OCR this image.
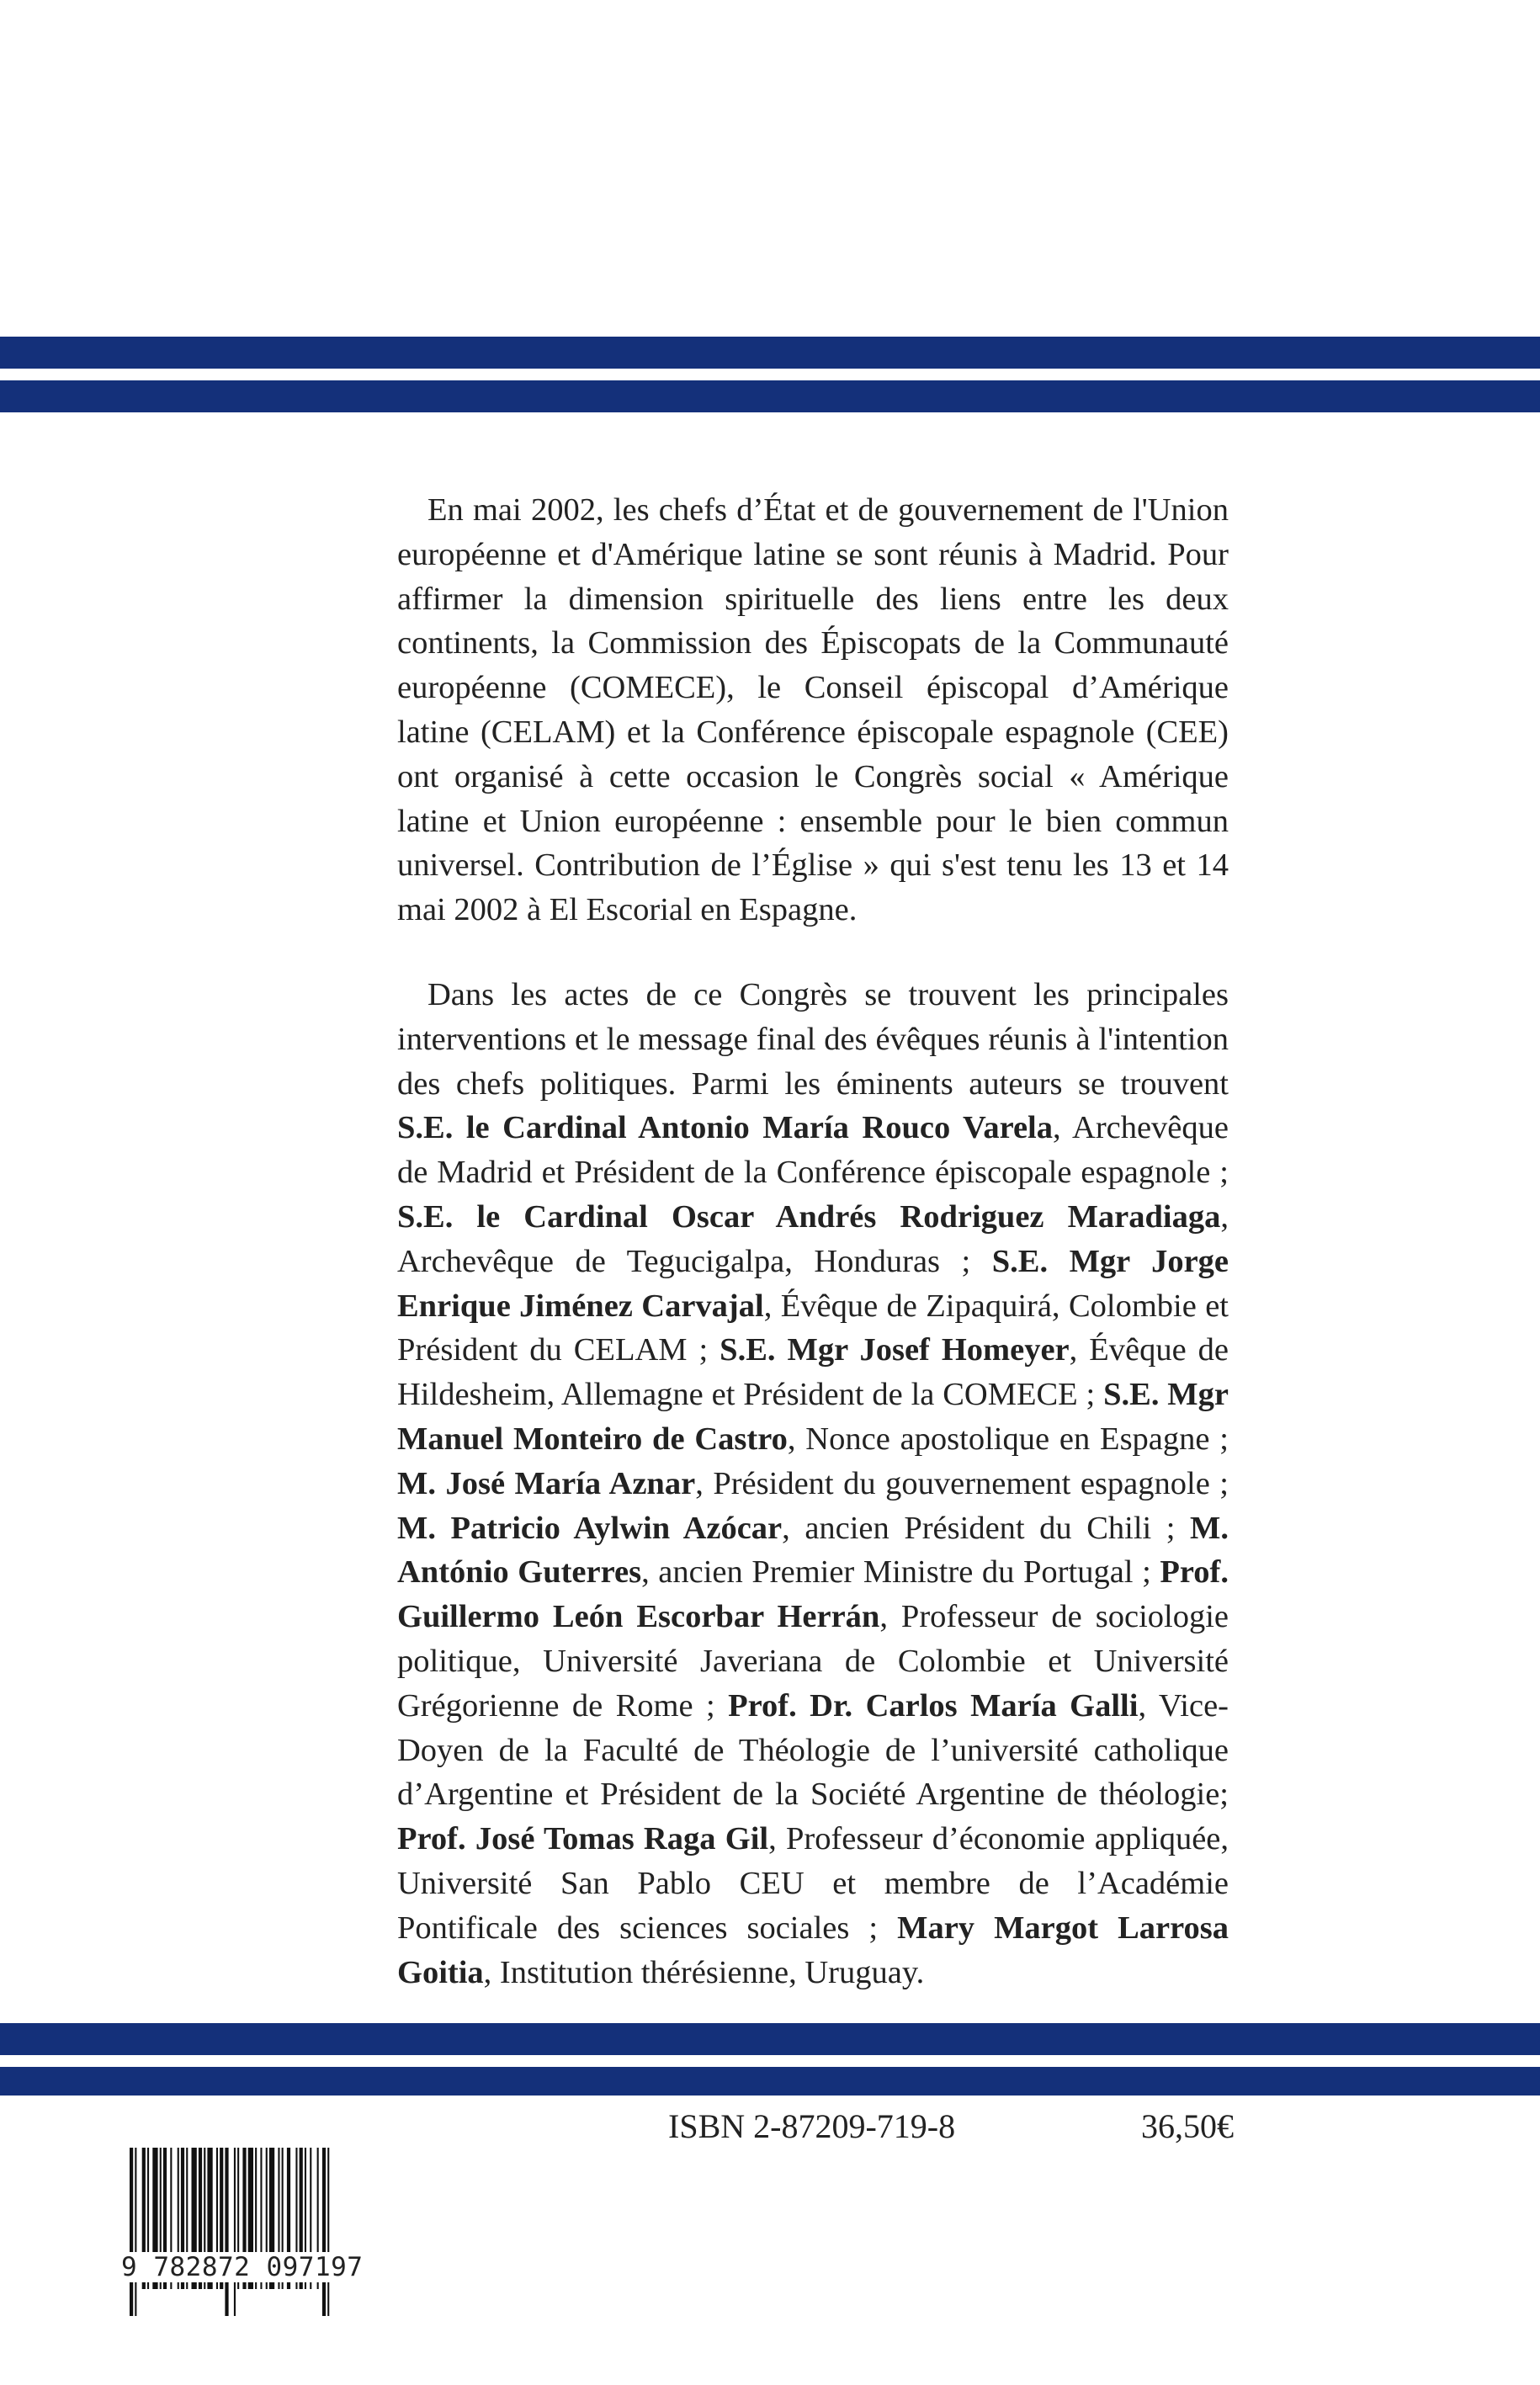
En mai 2002, les chefs d’État et de gouvernement de l'Union européenne et d'Amérique latine se sont réunis à Madrid. Pour affirmer la dimension spirituelle des liens entre les deux continents, la Commission des Épiscopats de la Communauté européenne (COMECE), le Conseil épiscopal d’Amérique latine (CELAM) et la Conférence épiscopale espagnole (CEE) ont organisé à cette occasion le Congrès social « Amérique latine et Union européenne : ensemble pour le bien commun universel. Contribution de l’Église » qui s'est tenu les 13 et 14 mai 2002 à El Escorial en Espagne.

Dans les actes de ce Congrès se trouvent les principales interventions et le message final des évêques réunis à l'intention des chefs politiques. Parmi les éminents auteurs se trouvent S.E. le Cardinal Antonio María Rouco Varela, Archevêque de Madrid et Président de la Conférence épiscopale espagnole ; S.E. le Cardinal Oscar Andrés Rodriguez Maradiaga, Archevêque de Tegucigalpa, Honduras ; S.E. Mgr Jorge Enrique Jiménez Carvajal, Évêque de Zipaquirá, Colombie et Président du CELAM ; S.E. Mgr Josef Homeyer, Évêque de Hildesheim, Allemagne et Président de la COMECE ; S.E. Mgr Manuel Monteiro de Castro, Nonce apostolique en Espagne ; M. José María Aznar, Président du gouvernement espagnole ; M. Patricio Aylwin Azócar, ancien Président du Chili ; M. António Guterres, ancien Premier Ministre du Portugal ; Prof. Guillermo León Escorbar Herrán, Professeur de sociologie politique, Université Javeriana de Colombie et Université Grégorienne de Rome ; Prof. Dr. Carlos María Galli, Vice-Doyen de la Faculté de Théologie de l’université catholique d’Argentine et Président de la Société Argentine de théologie; Prof. José Tomas Raga Gil, Professeur d’économie appliquée, Université San Pablo CEU et membre de l’Académie Pontificale des sciences sociales ; Mary Margot Larrosa Goitia, Institution thérésienne, Uruguay.

ISBN 2-87209-719-8	36,50€
9 782872 097197
